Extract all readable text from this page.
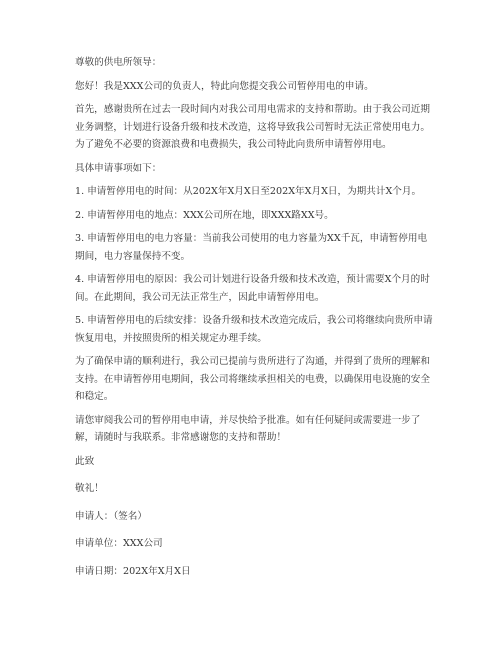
尊敬的供电所领导：

您好！我是XXX公司的负责人，特此向您提交我公司暂停用电的申请。

首先，感谢贵所在过去一段时间内对我公司用电需求的支持和帮助。由于我公司近期业务调整，计划进行设备升级和技术改造，这将导致我公司暂时无法正常使用电力。为了避免不必要的资源浪费和电费损失，我公司特此向贵所申请暂停用电。

具体申请事项如下：

1. 申请暂停用电的时间：从202X年X月X日至202X年X月X日，为期共计X个月。

2. 申请暂停用电的地点：XXX公司所在地，即XXX路XX号。

3. 申请暂停用电的电力容量：当前我公司使用的电力容量为XX千瓦，申请暂停用电期间，电力容量保持不变。

4. 申请暂停用电的原因：我公司计划进行设备升级和技术改造，预计需要X个月的时间。在此期间，我公司无法正常生产，因此申请暂停用电。

5. 申请暂停用电的后续安排：设备升级和技术改造完成后，我公司将继续向贵所申请恢复用电，并按照贵所的相关规定办理手续。

为了确保申请的顺利进行，我公司已提前与贵所进行了沟通，并得到了贵所的理解和支持。在申请暂停用电期间，我公司将继续承担相关的电费，以确保用电设施的安全和稳定。

请您审阅我公司的暂停用电申请，并尽快给予批准。如有任何疑问或需要进一步了解，请随时与我联系。非常感谢您的支持和帮助！

此致

敬礼！

申请人：（签名）

申请单位：XXX公司

申请日期：202X年X月X日
